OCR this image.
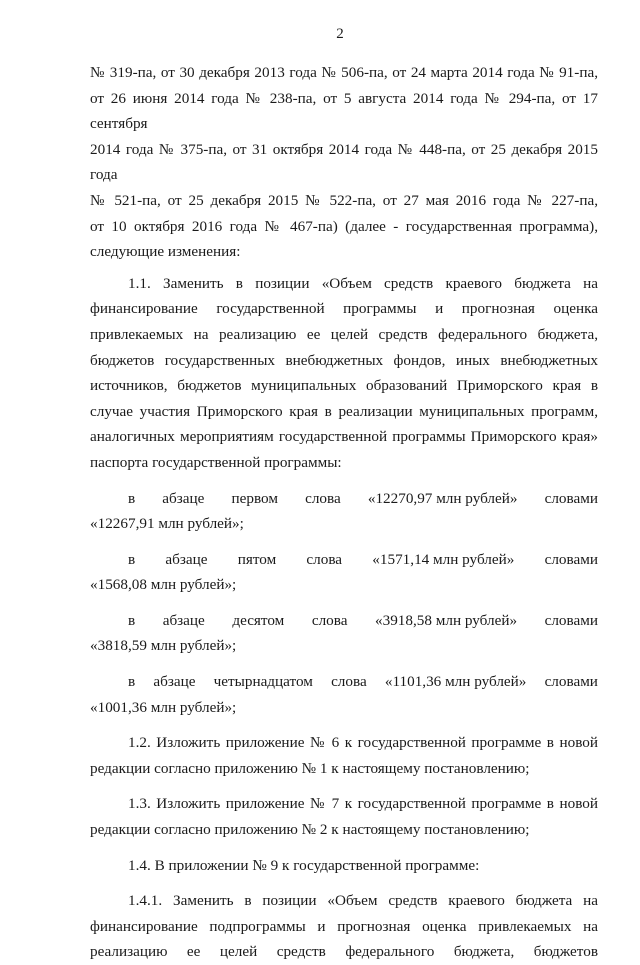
2
№ 319-па, от 30 декабря 2013 года № 506-па, от 24 марта 2014 года № 91-па,
от 26 июня 2014 года № 238-па, от 5 августа 2014 года № 294-па, от 17 сентября
2014 года № 375-па, от 31 октября 2014 года № 448-па, от 25 декабря 2015 года
№ 521-па, от 25 декабря 2015 № 522-па, от 27 мая 2016 года № 227-па,
от 10 октября 2016 года № 467-па) (далее - государственная программа),
следующие изменения:
1.1. Заменить в позиции «Объем средств краевого бюджета на
финансирование государственной программы и прогнозная оценка
привлекаемых на реализацию ее целей средств федерального бюджета,
бюджетов государственных внебюджетных фондов, иных внебюджетных
источников, бюджетов муниципальных образований Приморского края в
случае участия Приморского края в реализации муниципальных программ,
аналогичных мероприятиям государственной программы Приморского края»
паспорта государственной программы:
в абзаце первом слова «12270,97 млн рублей» словами
«12267,91 млн рублей»;
в абзаце пятом слова «1571,14 млн рублей» словами
«1568,08 млн рублей»;
в абзаце десятом слова «3918,58 млн рублей» словами
«3818,59 млн рублей»;
в абзаце четырнадцатом слова «1101,36 млн рублей» словами
«1001,36 млн рублей»;
1.2. Изложить приложение № 6 к государственной программе в новой
редакции согласно приложению № 1 к настоящему постановлению;
1.3. Изложить приложение № 7 к государственной программе в новой
редакции согласно приложению № 2 к настоящему постановлению;
1.4. В приложении № 9 к государственной программе:
1.4.1. Заменить в позиции «Объем средств краевого бюджета на
финансирование подпрограммы и прогнозная оценка привлекаемых на
реализацию ее целей средств федерального бюджета, бюджетов
